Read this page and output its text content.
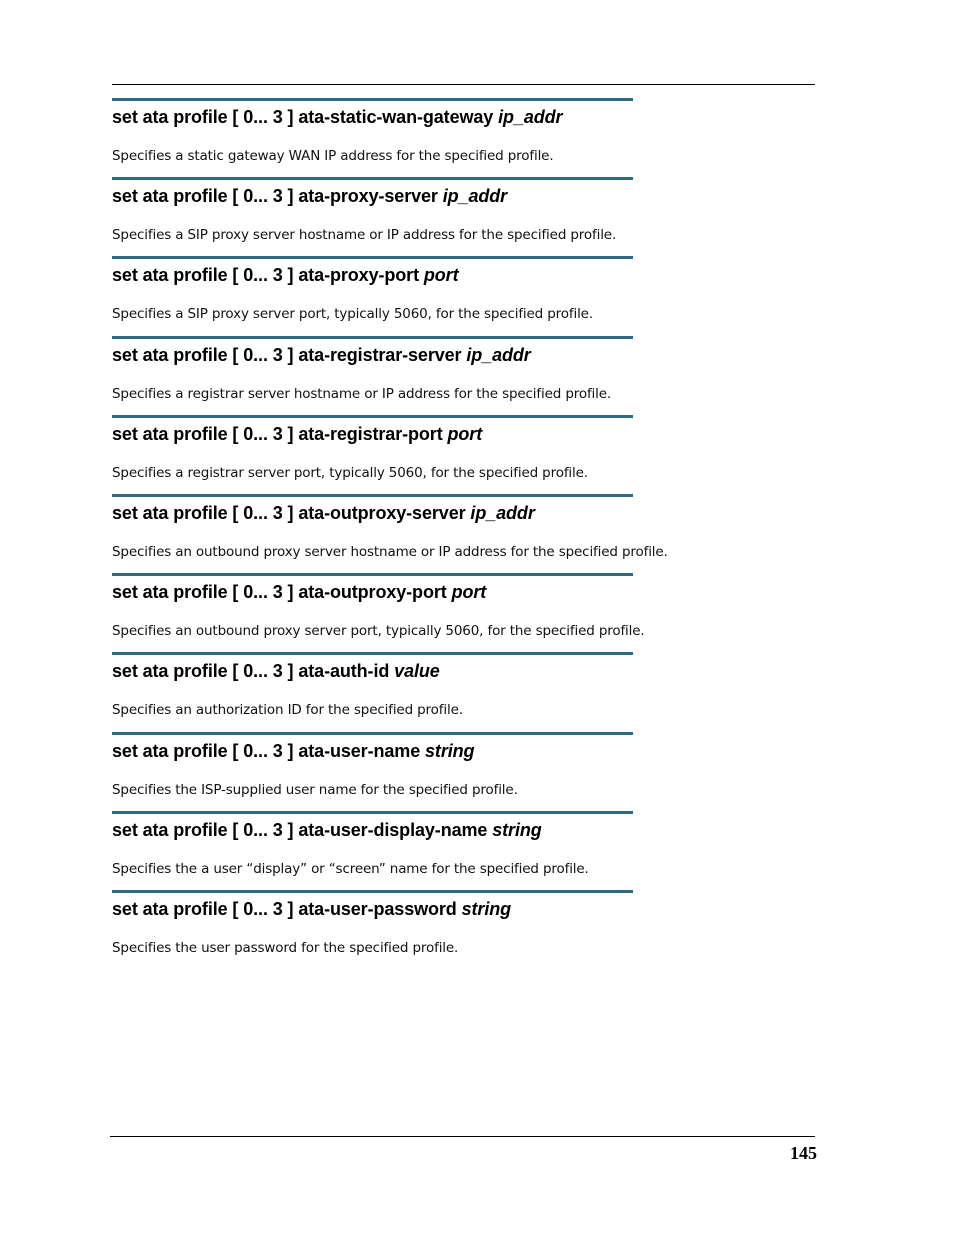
set ata profile [ 0... 3 ] ata-static-wan-gateway ip_addr
Specifies a static gateway WAN IP address for the specified profile.
set ata profile [ 0... 3 ] ata-proxy-server ip_addr
Specifies a SIP proxy server hostname or IP address for the specified profile.
set ata profile [ 0... 3 ] ata-proxy-port port
Specifies a SIP proxy server port, typically 5060, for the specified profile.
set ata profile [ 0... 3 ] ata-registrar-server ip_addr
Specifies a registrar server hostname or IP address for the specified profile.
set ata profile [ 0... 3 ] ata-registrar-port port
Specifies a registrar server port, typically 5060, for the specified profile.
set ata profile [ 0... 3 ] ata-outproxy-server ip_addr
Specifies an outbound proxy server hostname or IP address for the specified profile.
set ata profile [ 0... 3 ] ata-outproxy-port port
Specifies an outbound proxy server port, typically 5060, for the specified profile.
set ata profile [ 0... 3 ] ata-auth-id value
Specifies an authorization ID for the specified profile.
set ata profile [ 0... 3 ] ata-user-name string
Specifies the ISP-supplied user name for the specified profile.
set ata profile [ 0... 3 ] ata-user-display-name string
Specifies the a user “display” or “screen” name for the specified profile.
set ata profile [ 0... 3 ] ata-user-password string
Specifies the user password for the specified profile.
145
